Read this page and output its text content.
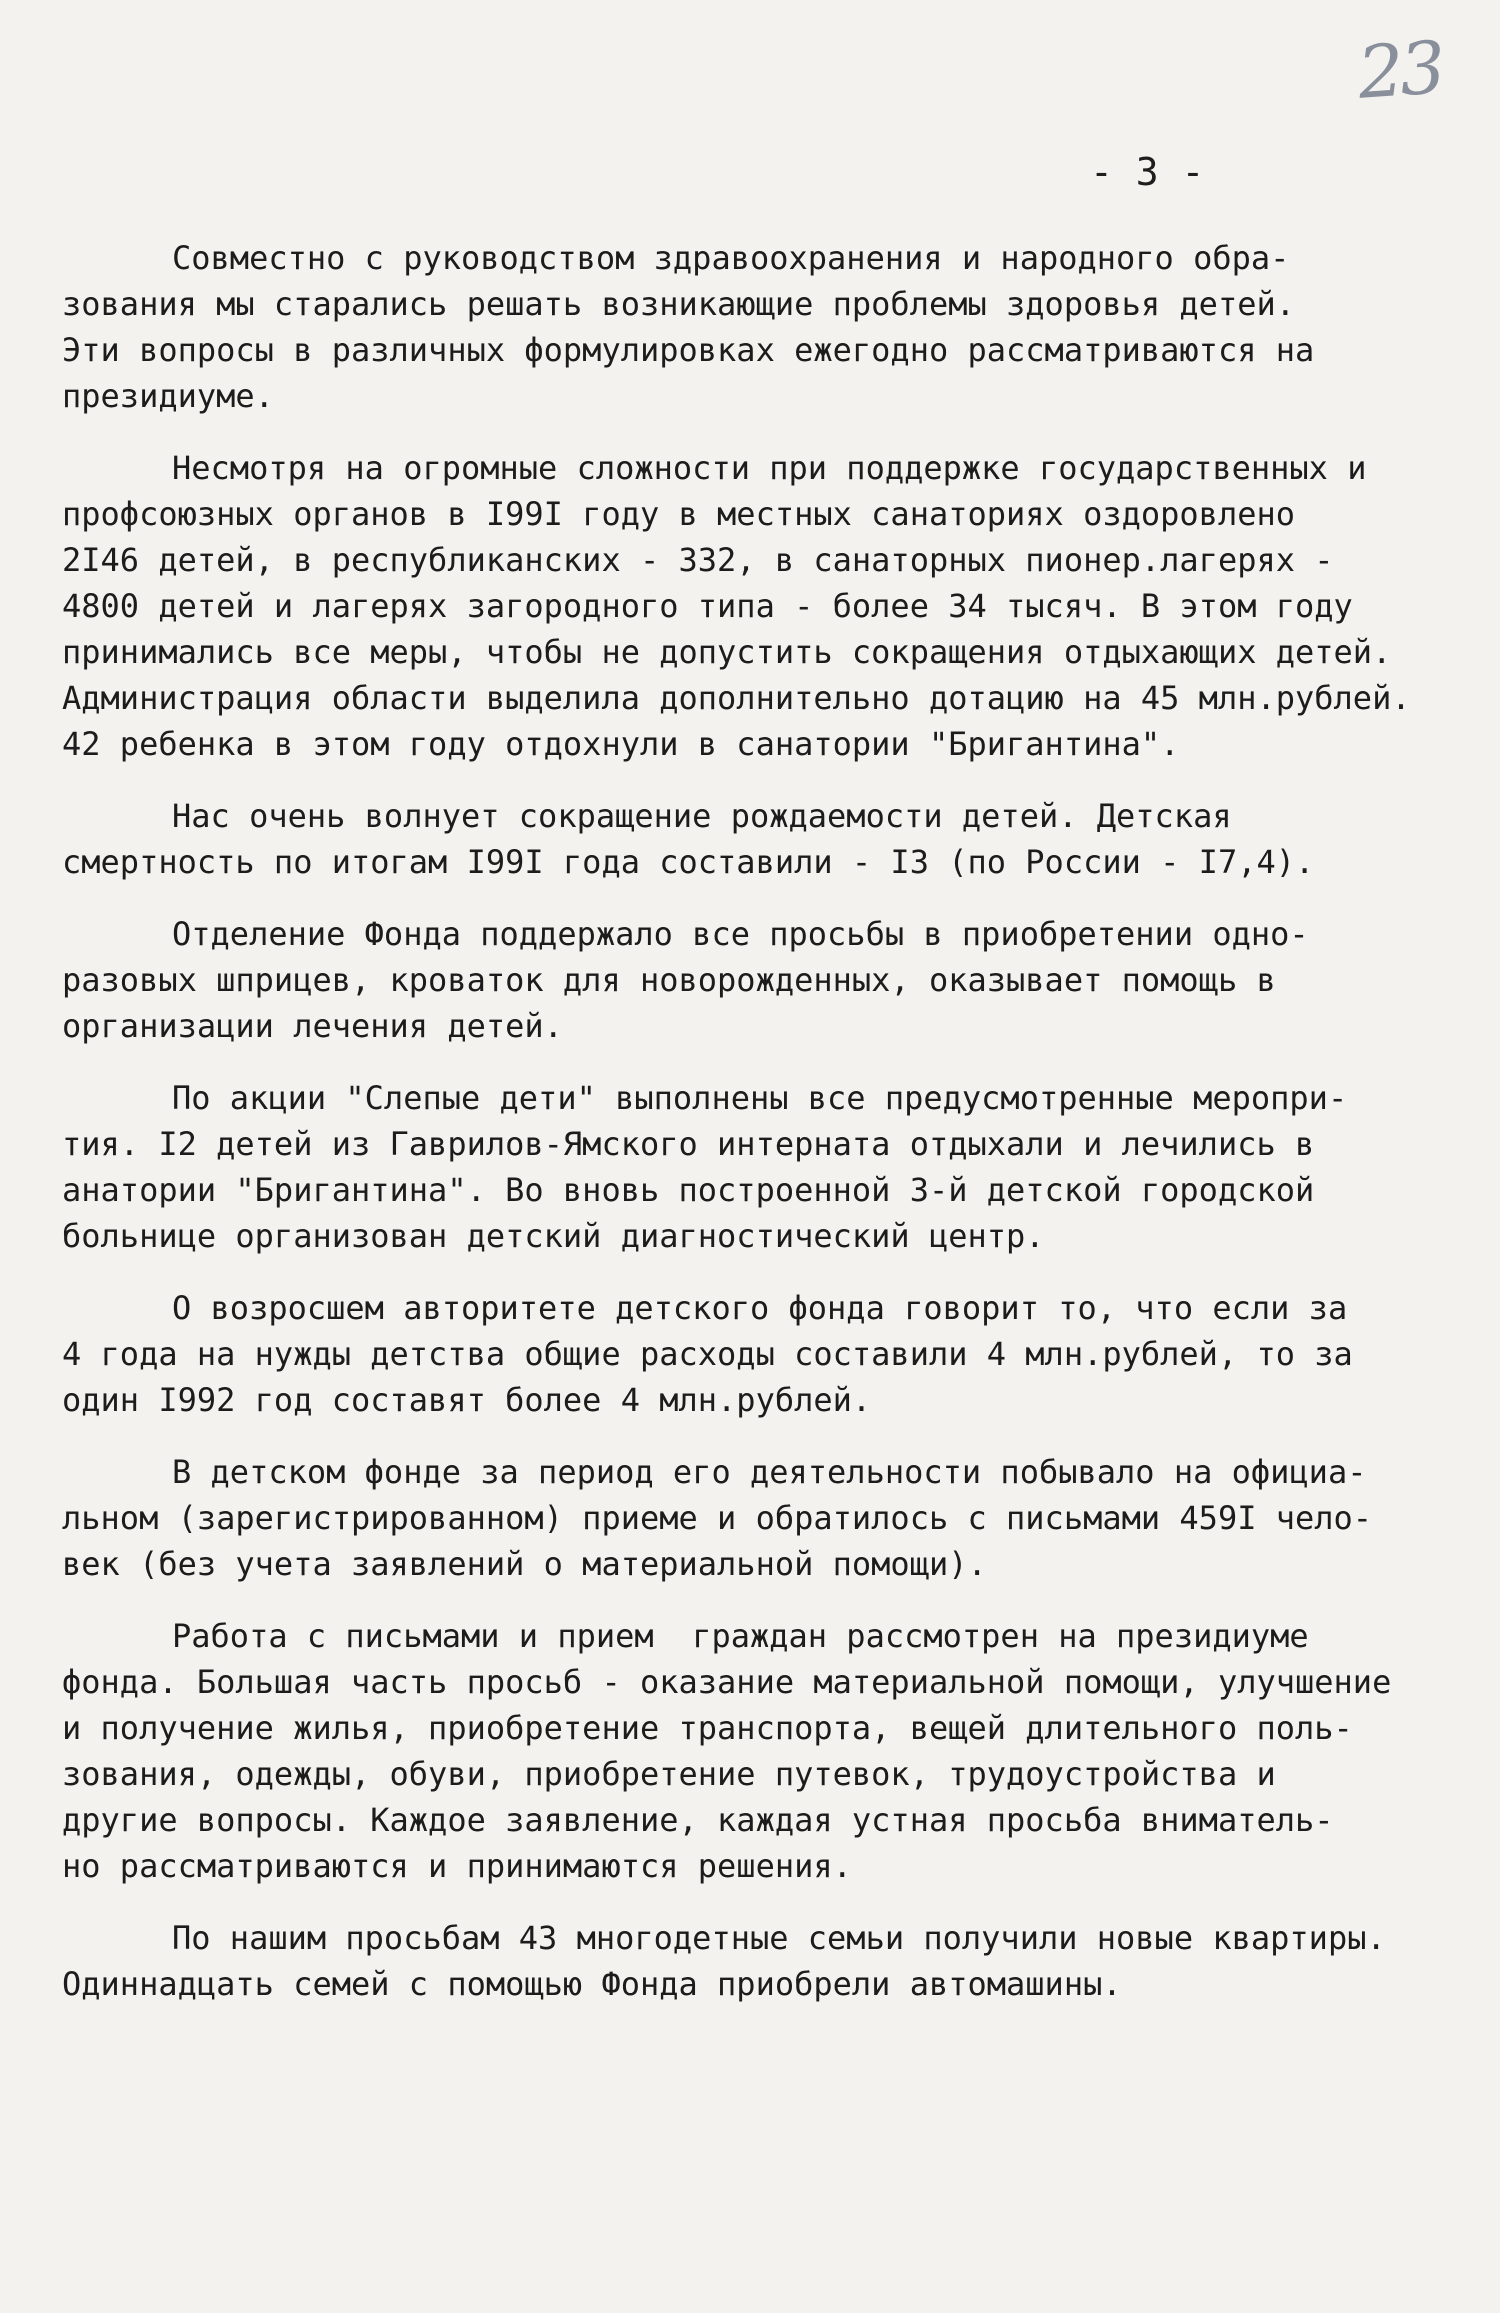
23
- 3 -
Совместно с руководством здравоохранения и народного обра-
зования мы старались решать возникающие проблемы здоровья детей.
Эти вопросы в различных формулировках ежегодно рассматриваются на
президиуме.
Несмотря на огромные сложности при поддержке государственных и
профсоюзных органов в I99I году в местных санаториях оздоровлено
2I46 детей, в республиканских - 332, в санаторных пионер.лагерях -
4800 детей и лагерях загородного типа - более 34 тысяч. В этом году
принимались все меры, чтобы не допустить сокращения отдыхающих детей.
Администрация области выделила дополнительно дотацию на 45 млн.рублей.
42 ребенка в этом году отдохнули в санатории "Бригантина".
Нас очень волнует сокращение рождаемости детей. Детская
смертность по итогам I99I года составили - I3 (по России - I7,4).
Отделение Фонда поддержало все просьбы в приобретении одно-
разовых шприцев, кроваток для новорожденных, оказывает помощь в
организации лечения детей.
По акции "Слепые дети" выполнены все предусмотренные меропри-
тия. I2 детей из Гаврилов-Ямского интерната отдыхали и лечились в
анатории "Бригантина". Во вновь построенной 3-й детской городской
больнице организован детский диагностический центр.
О возросшем авторитете детского фонда говорит то, что если за
4 года на нужды детства общие расходы составили 4 млн.рублей, то за
один I992 год составят более 4 млн.рублей.
В детском фонде за период его деятельности побывало на официа-
льном (зарегистрированном) приеме и обратилось с письмами 459I чело-
век (без учета заявлений о материальной помощи).
Работа с письмами и прием  граждан рассмотрен на президиуме
фонда. Большая часть просьб - оказание материальной помощи, улучшение
и получение жилья, приобретение транспорта, вещей длительного поль-
зования, одежды, обуви, приобретение путевок, трудоустройства и
другие вопросы. Каждое заявление, каждая устная просьба вниматель-
но рассматриваются и принимаются решения.
По нашим просьбам 43 многодетные семьи получили новые квартиры.
Одиннадцать семей с помощью Фонда приобрели автомашины.
